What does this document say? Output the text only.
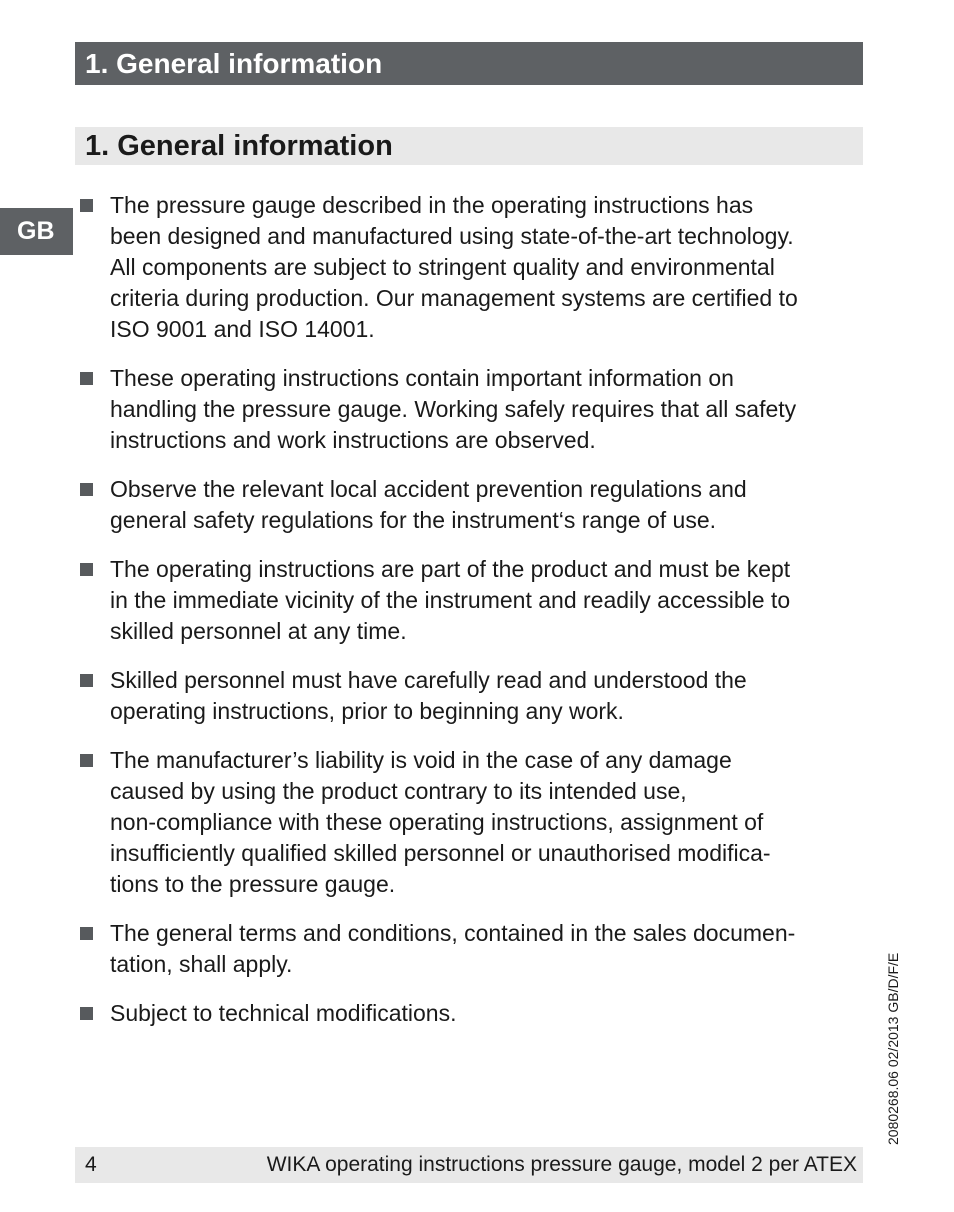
1. General information
1. General information
GB
The pressure gauge described in the operating instructions has
been designed and manufactured using state-of-the-art technology.
All components are subject to stringent quality and environmental
criteria during production. Our management systems are certified to
ISO 9001 and ISO 14001.
These operating instructions contain important information on
handling the pressure gauge. Working safely requires that all safety
instructions and work instructions are observed.
Observe the relevant local accident prevention regulations and
general safety regulations for the instrument‘s range of use.
The operating instructions are part of the product and must be kept
in the immediate vicinity of the instrument and readily accessible to
skilled personnel at any time.
Skilled personnel must have carefully read and understood the
operating instructions, prior to beginning any work.
The manufacturer’s liability is void in the case of any damage
caused by using the product contrary to its intended use,
non-compliance with these operating instructions, assignment of
insufficiently qualified skilled personnel or unauthorised modifica-
tions to the pressure gauge.
The general terms and conditions, contained in the sales documen-
tation, shall apply.
Subject to technical modifications.	2080268.06 02/2013 GB/D/F/E
4	WIKA operating instructions pressure gauge, model 2 per ATEX
